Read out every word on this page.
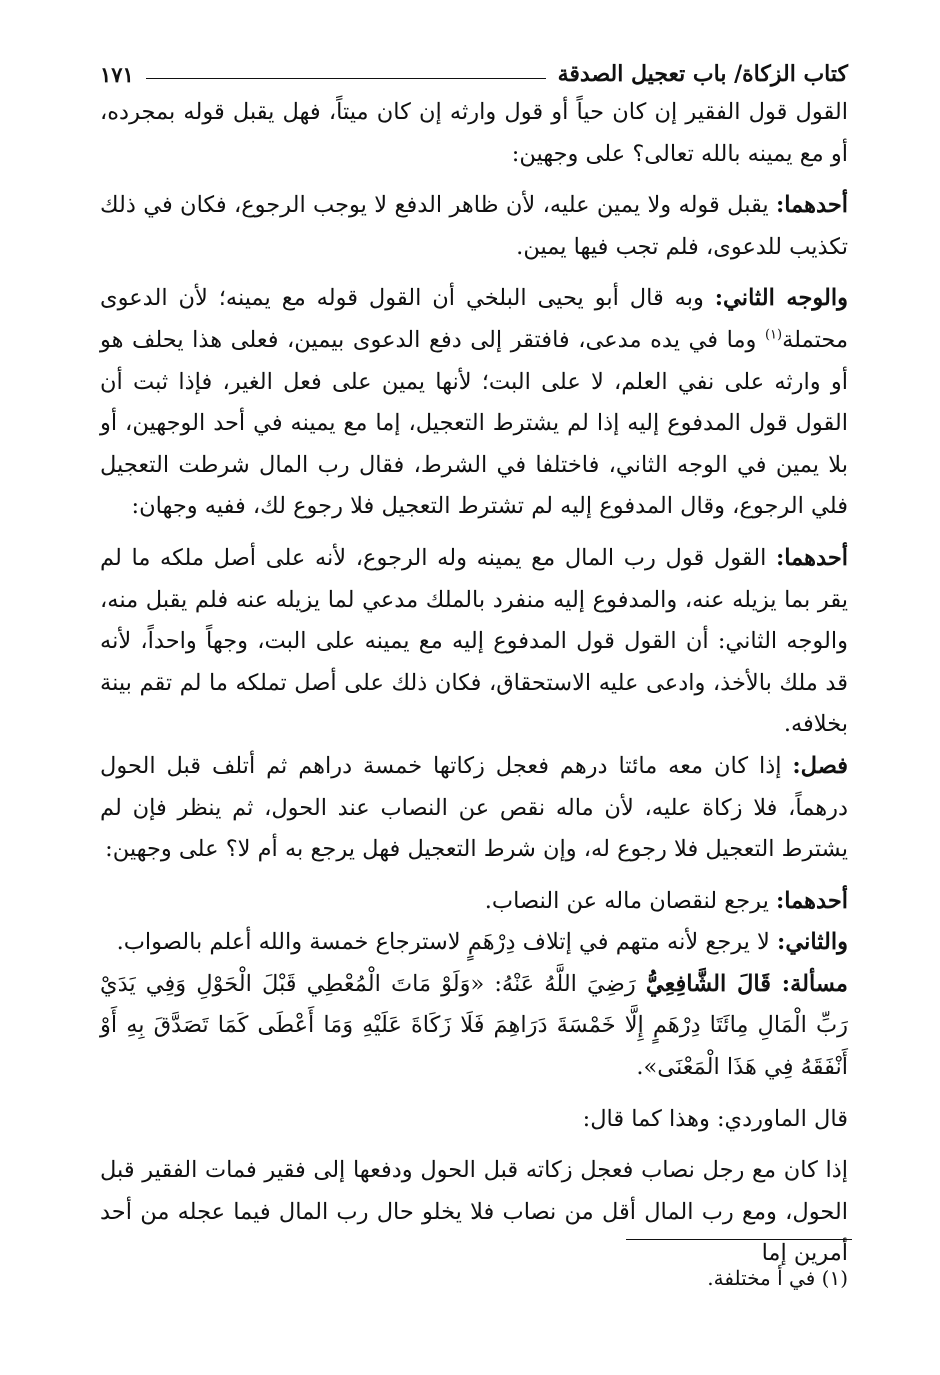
كتاب الزكاة/ باب تعجيل الصدقة
١٧١

القول قول الفقير إن كان حياً أو قول وارثه إن كان ميتاً، فهل يقبل قوله بمجرده، أو مع يمينه بالله تعالى؟ على وجهين:

أحدهما: يقبل قوله ولا يمين عليه، لأن ظاهر الدفع لا يوجب الرجوع، فكان في ذلك تكذيب للدعوى، فلم تجب فيها يمين.

والوجه الثاني: وبه قال أبو يحيى البلخي أن القول قوله مع يمينه؛ لأن الدعوى محتملة$^{(١)}$ وما في يده مدعى، فافتقر إلى دفع الدعوى بيمين، فعلى هذا يحلف هو أو وارثه على نفي العلم، لا على البت؛ لأنها يمين على فعل الغير، فإذا ثبت أن القول قول المدفوع إليه إذا لم يشترط التعجيل، إما مع يمينه في أحد الوجهين، أو بلا يمين في الوجه الثاني، فاختلفا في الشرط، فقال رب المال شرطت التعجيل فلي الرجوع، وقال المدفوع إليه لم تشترط التعجيل فلا رجوع لك، ففيه وجهان:

أحدهما: القول قول رب المال مع يمينه وله الرجوع، لأنه على أصل ملكه ما لم يقر بما يزيله عنه، والمدفوع إليه منفرد بالملك مدعي لما يزيله عنه فلم يقبل منه، والوجه الثاني: أن القول قول المدفوع إليه مع يمينه على البت، وجهاً واحداً، لأنه قد ملك بالأخذ، وادعى عليه الاستحقاق، فكان ذلك على أصل تملكه ما لم تقم بينة بخلافه.

فصل: إذا كان معه مائتا درهم فعجل زكاتها خمسة دراهم ثم أتلف قبل الحول درهماً، فلا زكاة عليه، لأن ماله نقص عن النصاب عند الحول، ثم ينظر فإن لم يشترط التعجيل فلا رجوع له، وإن شرط التعجيل فهل يرجع به أم لا؟ على وجهين:

أحدهما: يرجع لنقصان ماله عن النصاب.

والثاني: لا يرجع لأنه متهم في إتلاف دِرْهَمٍ لاسترجاع خمسة والله أعلم بالصواب.

مسألة: قَالَ الشَّافِعِيُّ رَضِيَ اللَّهُ عَنْهُ: «وَلَوْ مَاتَ الْمُعْطِي قَبْلَ الْحَوْلِ وَفِي يَدَيْ رَبِّ الْمَالِ مِائَتَا دِرْهَمٍ إِلَّا خَمْسَةَ دَرَاهِمَ فَلَا زَكَاةَ عَلَيْهِ وَمَا أَعْطَى كَمَا تَصَدَّقَ بِهِ أَوْ أَنْفَقَهُ فِي هَذَا الْمَعْنَى».

قال الماوردي: وهذا كما قال:

إذا كان مع رجل نصاب فعجل زكاته قبل الحول ودفعها إلى فقير فمات الفقير قبل الحول، ومع رب المال أقل من نصاب فلا يخلو حال رب المال فيما عجله من أحد أمرين إما

(١) في أ مختلفة.
